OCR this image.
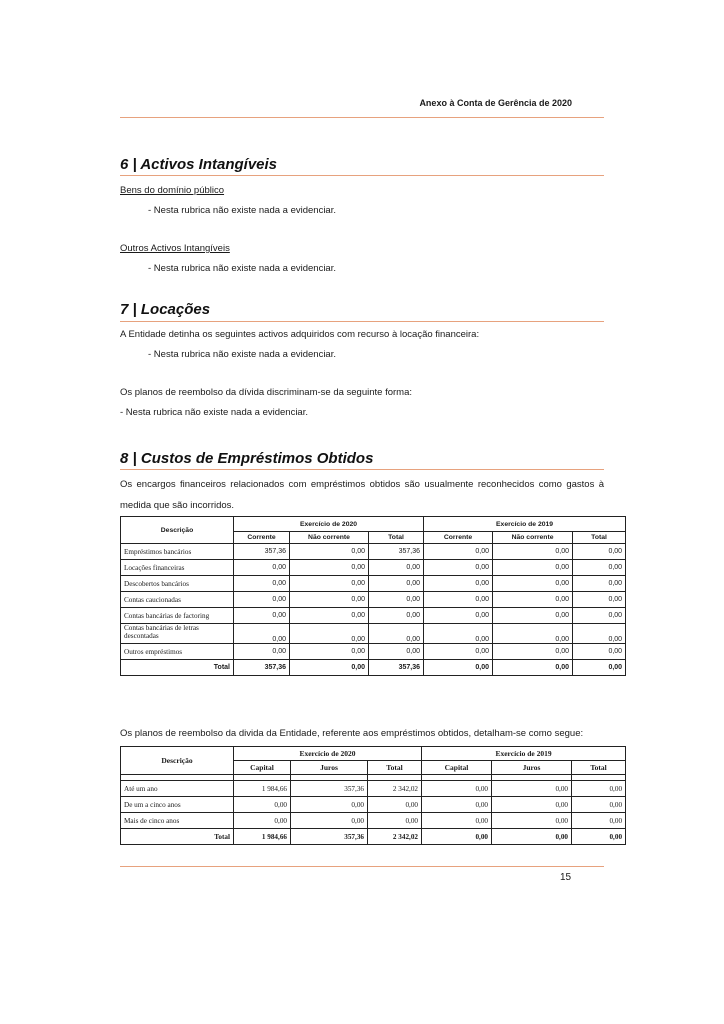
Anexo à Conta de Gerência de 2020
6 | Activos Intangíveis
Bens do domínio público
- Nesta rubrica não existe nada a evidenciar.
Outros Activos Intangíveis
- Nesta rubrica não existe nada a evidenciar.
7 | Locações
A Entidade detinha os seguintes activos adquiridos com recurso à locação financeira:
- Nesta rubrica não existe nada a evidenciar.
Os planos de reembolso da dívida discriminam-se da seguinte forma:
- Nesta rubrica não existe nada a evidenciar.
8 | Custos de Empréstimos Obtidos
Os encargos financeiros relacionados com empréstimos obtidos são usualmente reconhecidos como gastos à medida que são incorridos.
Descrição	Exercício de 2020			Exercício de 2019		
	Corrente	Não corrente	Total	Corrente	Não corrente	Total
Empréstimos bancários	357,36	0,00	357,36	0,00	0,00	0,00
Locações financeiras	0,00	0,00	0,00	0,00	0,00	0,00
Descobertos bancários	0,00	0,00	0,00	0,00	0,00	0,00
Contas caucionadas	0,00	0,00	0,00	0,00	0,00	0,00
Contas bancárias de factoring	0,00	0,00	0,00	0,00	0,00	0,00
Contas bancárias de letras
descontadas	0,00	0,00	0,00	0,00	0,00	0,00
Outros empréstimos	0,00	0,00	0,00	0,00	0,00	0,00
Total	357,36	0,00	357,36	0,00	0,00	0,00
Os planos de reembolso da divida da Entidade, referente aos empréstimos obtidos, detalham-se como segue:
Descrição	Exercício de 2020			Exercício de 2019		
	Capital	Juros	Total	Capital	Juros	Total

Até um ano	1 984,66	357,36	2 342,02	0,00	0,00	0,00
De um a cinco anos	0,00	0,00	0,00	0,00	0,00	0,00
Mais de cinco anos	0,00	0,00	0,00	0,00	0,00	0,00
Total	1 984,66	357,36	2 342,02	0,00	0,00	0,00
15
